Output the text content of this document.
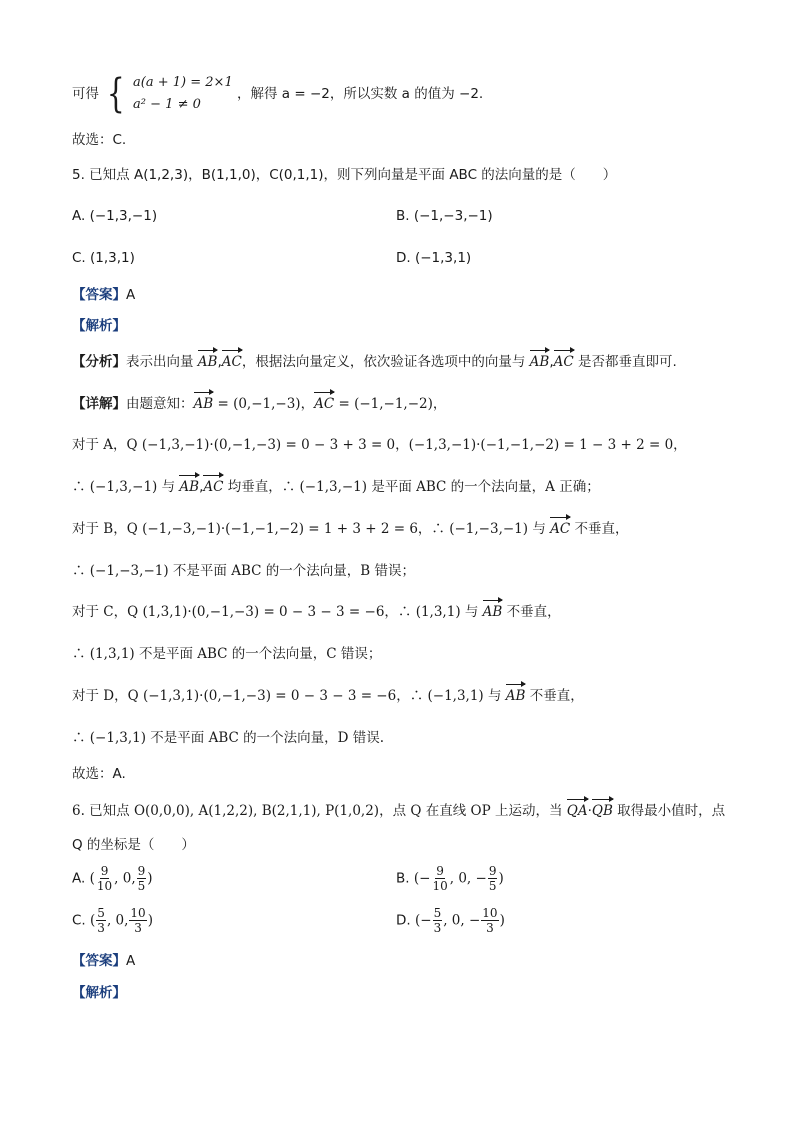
可得 { a(a + 1) = 2×1
a² − 1 ≠ 0
，解得 a = −2，所以实数 a 的值为 −2.
故选：C.
5. 已知点 A(1,2,3)，B(1,1,0)，C(0,1,1)，则下列向量是平面 ABC 的法向量的是（　　）
A. (−1,3,−1)	B. (−1,−3,−1)
C. (1,3,1)	D. (−1,3,1)
【答案】A
【解析】
【分析】表示出向量 AB,AC，根据法向量定义，依次验证各选项中的向量与 AB,AC 是否都垂直即可.
【详解】由题意知：AB = (0,−1,−3)，AC = (−1,−1,−2)，
对于 A，Q (−1,3,−1)·(0,−1,−3) = 0 − 3 + 3 = 0，(−1,3,−1)·(−1,−1,−2) = 1 − 3 + 2 = 0，
∴ (−1,3,−1) 与 AB,AC 均垂直，∴ (−1,3,−1) 是平面 ABC 的一个法向量，A 正确；
对于 B，Q (−1,−3,−1)·(−1,−1,−2) = 1 + 3 + 2 = 6，∴ (−1,−3,−1) 与 AC 不垂直，
∴ (−1,−3,−1) 不是平面 ABC 的一个法向量，B 错误；
对于 C，Q (1,3,1)·(0,−1,−3) = 0 − 3 − 3 = −6，∴ (1,3,1) 与 AB 不垂直，
∴ (1,3,1) 不是平面 ABC 的一个法向量，C 错误；
对于 D，Q (−1,3,1)·(0,−1,−3) = 0 − 3 − 3 = −6，∴ (−1,3,1) 与 AB 不垂直，
∴ (−1,3,1) 不是平面 ABC 的一个法向量，D 错误.
故选：A.
6. 已知点 O(0,0,0), A(1,2,2), B(2,1,1), P(1,0,2)，点 Q 在直线 OP 上运动，当 QA·QB 取得最小值时，点
Q 的坐标是（　　）
A. ( $\frac{9}{10}$ , 0, $\frac{9}{5}$ )	B. (− $\frac{9}{10}$ , 0, − $\frac{9}{5}$ )
C. ( $\frac{5}{3}$ , 0, $\frac{10}{3}$ )	D. (− $\frac{5}{3}$ , 0, − $\frac{10}{3}$ )
【答案】A
【解析】
